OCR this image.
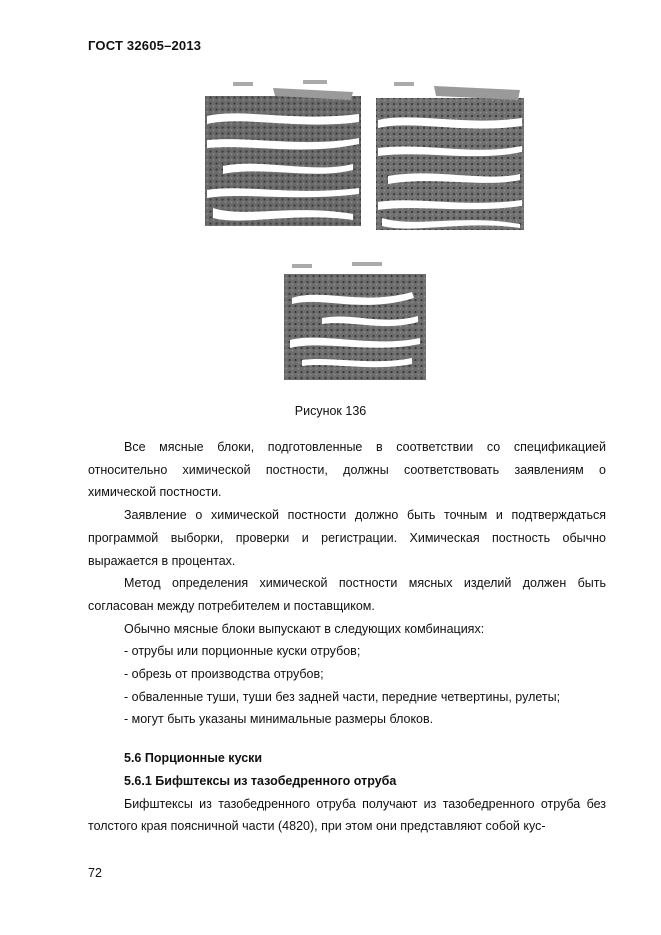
ГОСТ 32605–2013
Рисунок 136

Все мясные блоки, подготовленные в соответствии со спецификацией относительно химической постности, должны соответствовать заявлениям о химической постности.

Заявление о химической постности должно быть точным и подтверждаться программой выборки, проверки и регистрации. Химическая постность обычно выражается в процентах.

Метод определения химической постности мясных изделий должен быть согласован между потребителем и поставщиком.

Обычно мясные блоки выпускают в следующих комбинациях:

- отрубы или порционные куски отрубов;

- обрезь от производства отрубов;

- обваленные туши, туши без задней части, передние четвертины, рулеты;

- могут быть указаны минимальные размеры блоков.

5.6 Порционные куски

5.6.1 Бифштексы из тазобедренного отруба

Бифштексы из тазобедренного отруба получают из тазобедренного отруба без толстого края поясничной части (4820), при этом они представляют собой кус-

72
